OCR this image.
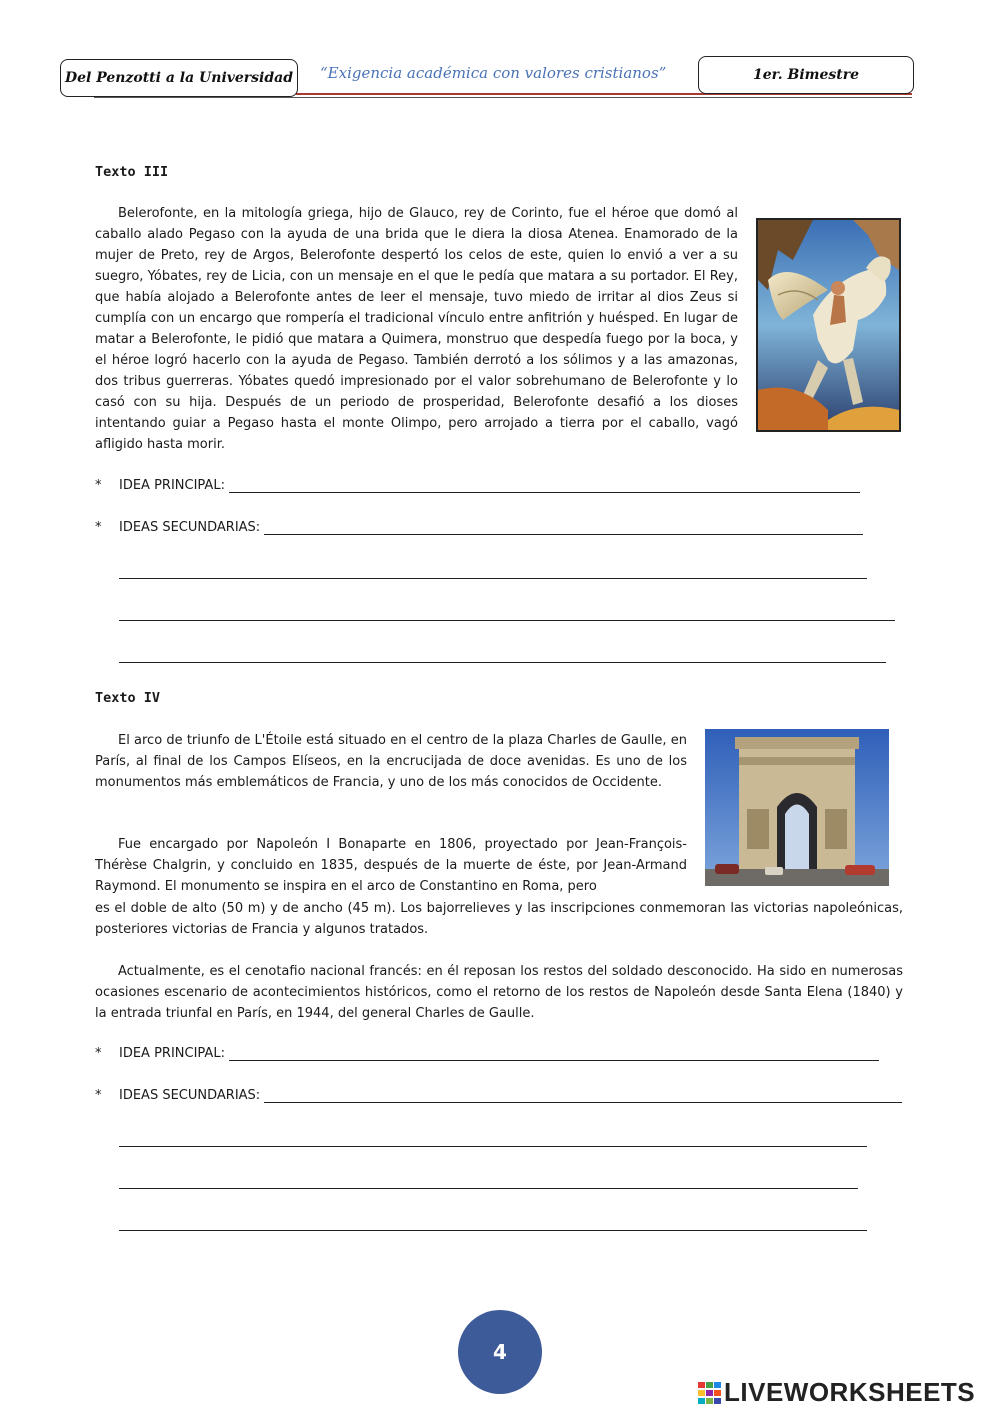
Del Penzotti a la Universidad “Exigencia académica con valores cristianos”	1er. Bimestre
Texto III
Belerofonte, en la mitología griega, hijo de Glauco, rey de Corinto, fue el héroe que domó al caballo alado Pegaso con la ayuda de una brida que le diera la diosa Atenea. Enamorado de la mujer de Preto, rey de Argos, Belerofonte despertó los celos de este, quien lo envió a ver a su suegro, Yóbates, rey de Licia, con un mensaje en el que le pedía que matara a su portador. El Rey, que había alojado a Belerofonte antes de leer el mensaje, tuvo miedo de irritar al dios Zeus si cumplía con un encargo que rompería el tradicional vínculo entre anfitrión y huésped. En lugar de matar a Belerofonte, le pidió que matara a Quimera, monstruo que despedía fuego por la boca, y el héroe logró hacerlo con la ayuda de Pegaso. También derrotó a los sólimos y a las amazonas, dos tribus guerreras. Yóbates quedó impresionado por el valor sobrehumano de Belerofonte y lo casó con su hija. Después de un periodo de prosperidad, Belerofonte desafió a los dioses intentando guiar a Pegaso hasta el monte Olimpo, pero arrojado a tierra por el caballo, vagó afligido hasta morir.
*	IDEA PRINCIPAL:
*	IDEAS SECUNDARIAS:
Texto IV
El arco de triunfo de L'Étoile está situado en el centro de la plaza Charles de Gaulle, en París, al final de los Campos Elíseos, en la encrucijada de doce avenidas. Es uno de los monumentos más emblemáticos de Francia, y uno de los más conocidos de Occidente.
Fue encargado por Napoleón I Bonaparte en 1806, proyectado por Jean-François-Thérèse Chalgrin, y concluido en 1835, después de la muerte de éste, por Jean-Armand Raymond. El monumento se inspira en el arco de Constantino en Roma, pero
es el doble de alto (50 m) y de ancho (45 m). Los bajorrelieves y las inscripciones conmemoran las victorias napoleónicas, posteriores victorias de Francia y algunos tratados.
Actualmente, es el cenotafio nacional francés: en él reposan los restos del soldado desconocido. Ha sido en numerosas ocasiones escenario de acontecimientos históricos, como el retorno de los restos de Napoleón desde Santa Elena (1840) y la entrada triunfal en París, en 1944, del general Charles de Gaulle.
*	IDEA PRINCIPAL:
*	IDEAS SECUNDARIAS:
4
LIVEWORKSHEETS
